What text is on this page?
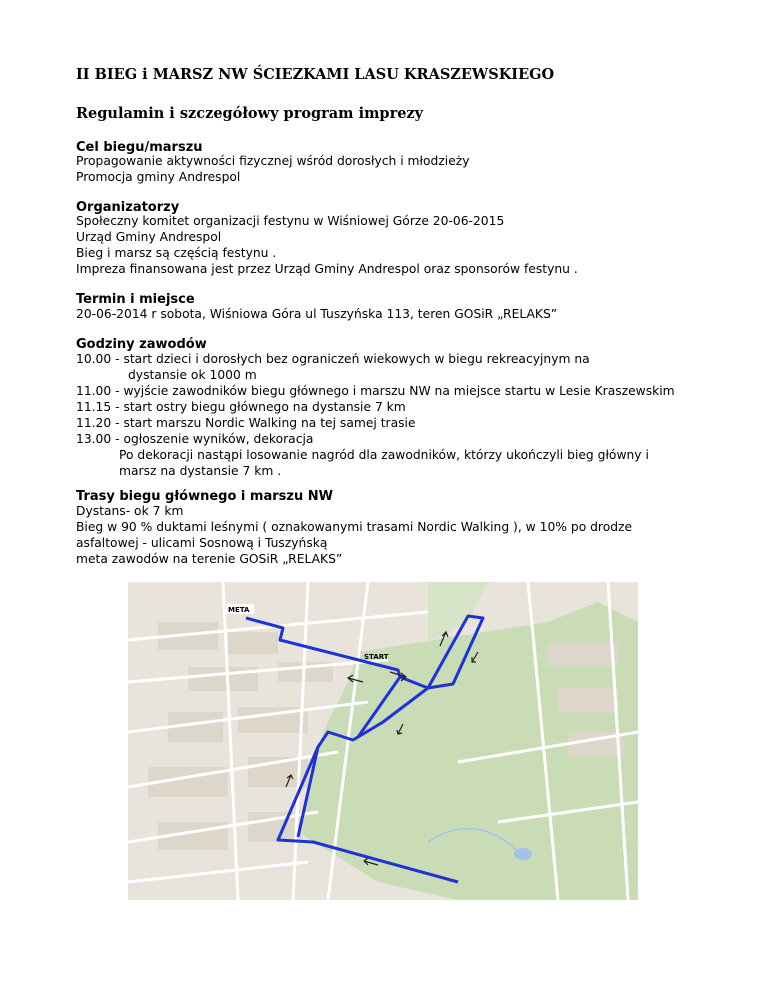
II BIEG i MARSZ NW ŚCIEZKAMI LASU KRASZEWSKIEGO
Regulamin i szczegółowy program imprezy
Cel biegu/marszu
Propagowanie aktywności fizycznej wśród dorosłych i młodzieży
Promocja gminy Andrespol
Organizatorzy
Społeczny komitet organizacji festynu w Wiśniowej Górze 20-06-2015
Urząd Gminy Andrespol
Bieg i marsz są częścią festynu .
Impreza finansowana jest przez Urząd Gminy Andrespol oraz sponsorów festynu .
Termin i miejsce
20-06-2014 r sobota, Wiśniowa Góra ul Tuszyńska 113, teren GOSiR „RELAKS”
Godziny zawodów
10.00 - start dzieci i dorosłych bez ograniczeń wiekowych w biegu rekreacyjnym na
dystansie ok 1000 m
11.00 - wyjście zawodników biegu głównego i marszu NW na miejsce startu w Lesie Kraszewskim
11.15 - start ostry biegu głównego na dystansie 7 km
11.20 - start marszu Nordic Walking na tej samej trasie
13.00 - ogłoszenie wyników, dekoracja
Po dekoracji nastąpi losowanie nagród dla zawodników, którzy ukończyli bieg główny i
marsz na dystansie 7 km .
Trasy biegu głównego i marszu NW
Dystans- ok 7 km
Bieg w 90 % duktami leśnymi ( oznakowanymi trasami Nordic Walking ), w 10% po drodze
asfaltowej - ulicami Sosnową i Tuszyńską
meta zawodów na terenie GOSiR „RELAKS”
META
START
